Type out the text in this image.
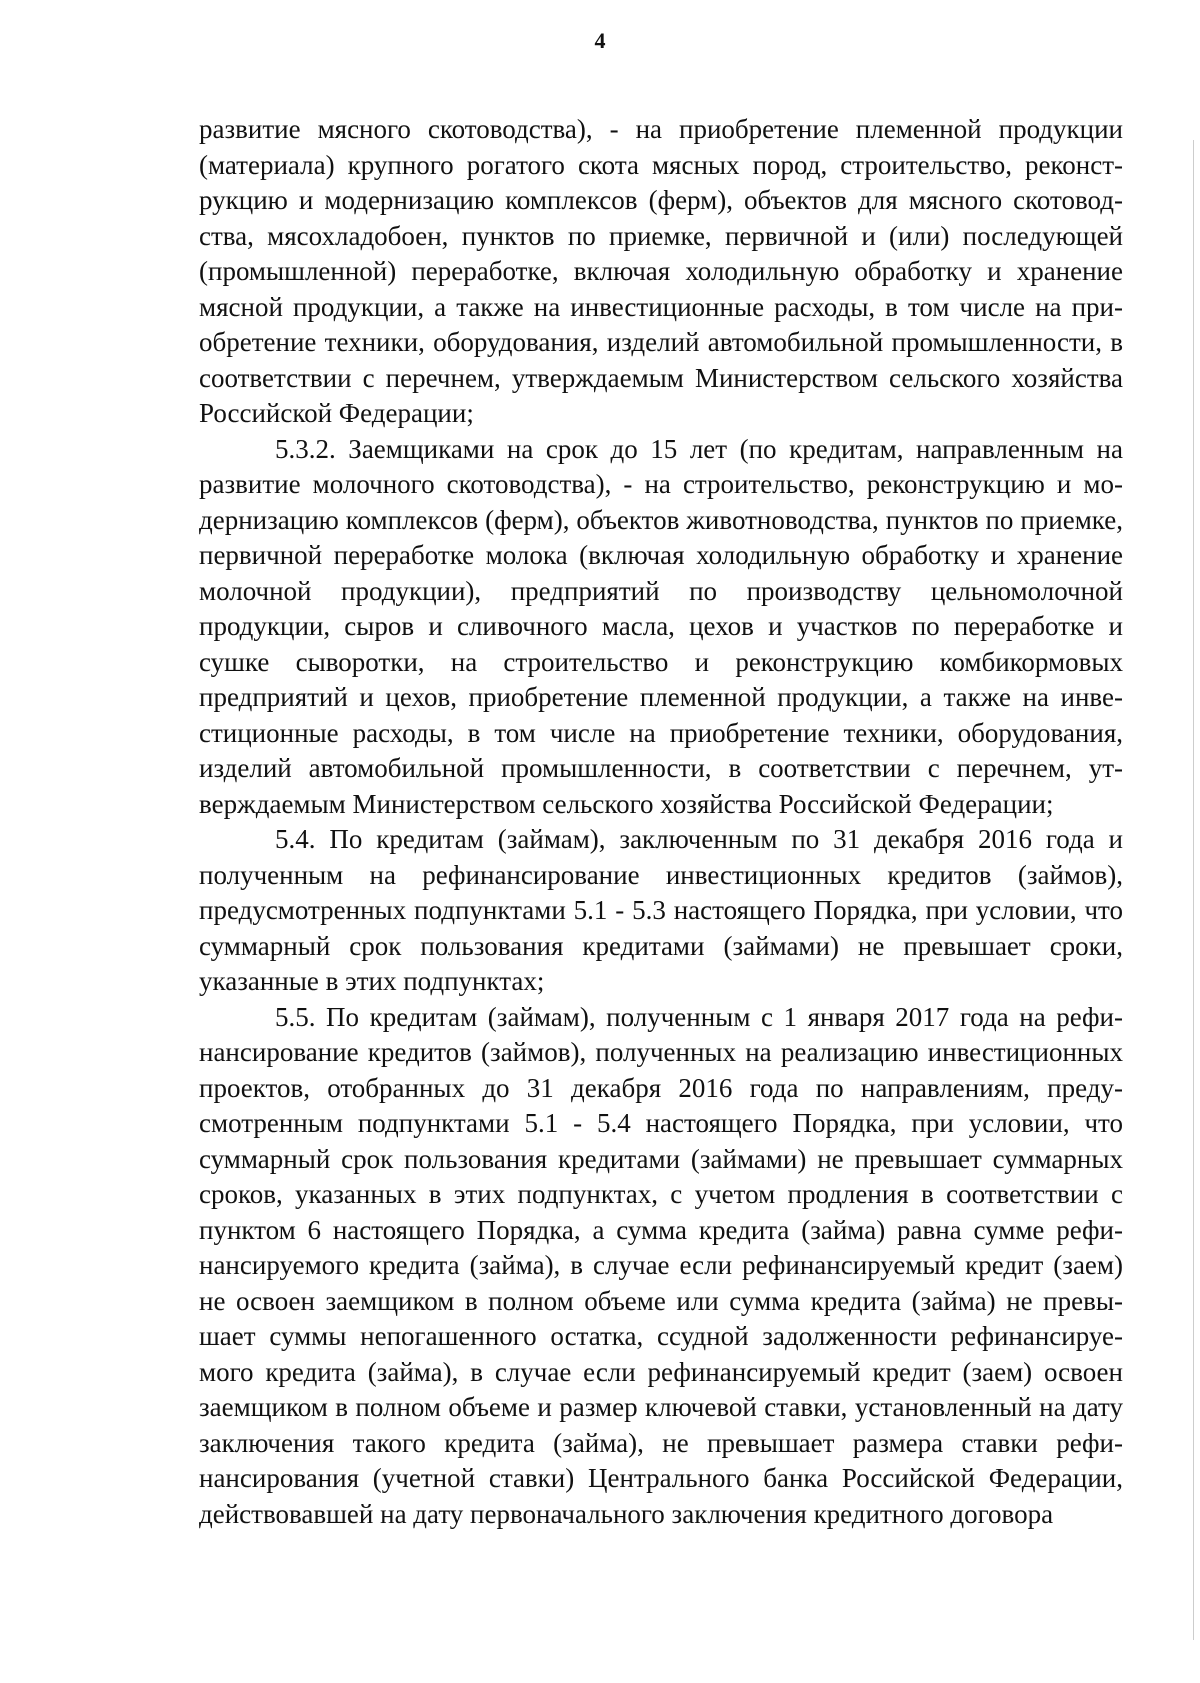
4

развитие мясного скотоводства), - на приобретение племенной продукции (материала) крупного рогатого скота мясных пород, строительство, реконструкцию и модернизацию комплексов (ферм), объектов для мясного скотоводства, мясохладобоен, пунктов по приемке, первичной и (или) последующей (промышленной) переработке, включая холодильную обработку и хранение мясной продукции, а также на инвестиционные расходы, в том числе на приобретение техники, оборудования, изделий автомобильной промышленности, в соответствии с перечнем, утверждаемым Министерством сельского хозяйства Российской Федерации;

5.3.2. Заемщиками на срок до 15 лет (по кредитам, направленным на развитие молочного скотоводства), - на строительство, реконструкцию и модернизацию комплексов (ферм), объектов животноводства, пунктов по приемке, первичной переработке молока (включая холодильную обработку и хранение молочной продукции), предприятий по производству цельномолочной продукции, сыров и сливочного масла, цехов и участков по переработке и сушке сыворотки, на строительство и реконструкцию комбикормовых предприятий и цехов, приобретение племенной продукции, а также на инвестиционные расходы, в том числе на приобретение техники, оборудования, изделий автомобильной промышленности, в соответствии с перечнем, утверждаемым Министерством сельского хозяйства Российской Федерации;

5.4. По кредитам (займам), заключенным по 31 декабря 2016 года и полученным на рефинансирование инвестиционных кредитов (займов), предусмотренных подпунктами 5.1 - 5.3 настоящего Порядка, при условии, что суммарный срок пользования кредитами (займами) не превышает сроки, указанные в этих подпунктах;

5.5. По кредитам (займам), полученным с 1 января 2017 года на рефинансирование кредитов (займов), полученных на реализацию инвестиционных проектов, отобранных до 31 декабря 2016 года по направлениям, предусмотренным подпунктами 5.1 - 5.4 настоящего Порядка, при условии, что суммарный срок пользования кредитами (займами) не превышает суммарных сроков, указанных в этих подпунктах, с учетом продления в соответствии с пунктом 6 настоящего Порядка, а сумма кредита (займа) равна сумме рефинансируемого кредита (займа), в случае если рефинансируемый кредит (заем) не освоен заемщиком в полном объеме или сумма кредита (займа) не превышает суммы непогашенного остатка, ссудной задолженности рефинансируемого кредита (займа), в случае если рефинансируемый кредит (заем) освоен заемщиком в полном объеме и размер ключевой ставки, установленный на дату заключения такого кредита (займа), не превышает размера ставки рефинансирования (учетной ставки) Центрального банка Российской Федерации, действовавшей на дату первоначального заключения кредитного договора
